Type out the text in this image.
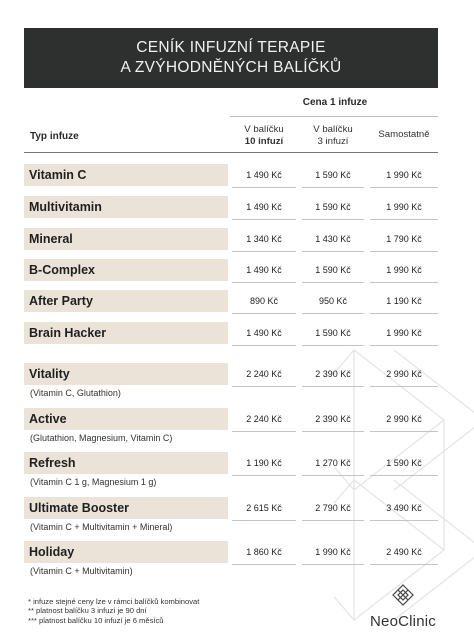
CENÍK INFUZNÍ TERAPIE
A ZVÝHODNĚNÝCH BALÍČKŮ
Cena 1 infuze
V balíčku
10 infuzí
V balíčku
3 infuzí
Samostatně
Typ infuze
Vitamin C	1 490 Kč	1 590 Kč	1 990 Kč
Multivitamin	1 490 Kč	1 590 Kč	1 990 Kč
Mineral	1 340 Kč	1 430 Kč	1 790 Kč
B-Complex	1 490 Kč	1 590 Kč	1 990 Kč
After Party	890 Kč	950 Kč	1 190 Kč
Brain Hacker	1 490 Kč	1 590 Kč	1 990 Kč
Vitality	2 240 Kč	2 390 Kč	2 990 Kč
(Vitamin C, Glutathion)
Active	2 240 Kč	2 390 Kč	2 990 Kč
(Glutathion, Magnesium, Vitamin C)
Refresh	1 190 Kč	1 270 Kč	1 590 Kč
(Vitamin C 1 g, Magnesium 1 g)
Ultimate Booster	2 615 Kč	2 790 Kč	3 490 Kč
(Vitamin C + Multivitamin + Mineral)
Holiday	1 860 Kč	1 990 Kč	2 490 Kč
(Vitamin C + Multivitamin)
* infuze stejné ceny lze v rámci balíčků kombinovat
** platnost balíčku 3 infuzí je 90 dní
*** platnost balíčku 10 infuzí je 6 měsíců	NeoClinic
